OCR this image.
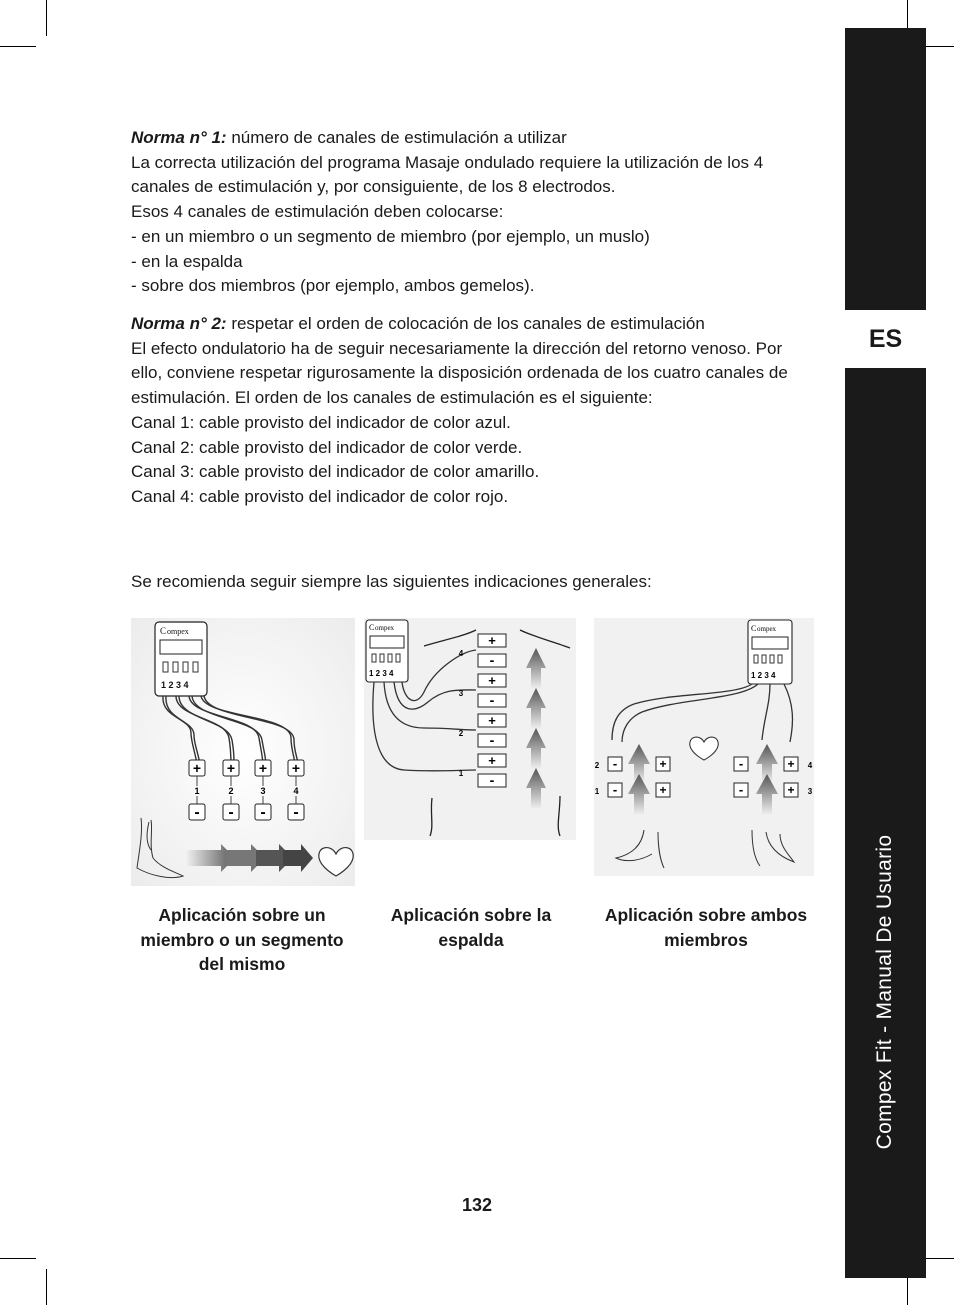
ES
Compex Fit - Manual De Usuario

Norma n° 1: número de canales de estimulación a utilizar

La correcta utilización del programa Masaje ondulado requiere la utilización de los 4

canales de estimulación y, por consiguiente, de los 8 electrodos.

Esos 4 canales de estimulación deben colocarse:

- en un miembro o un segmento de miembro (por ejemplo, un muslo)

- en la espalda

- sobre dos miembros (por ejemplo, ambos gemelos).

Norma n° 2: respetar el orden de colocación de los canales de estimulación

El efecto ondulatorio ha de seguir necesariamente la dirección del retorno venoso. Por

ello, conviene respetar rigurosamente la disposición ordenada de los cuatro canales de

estimulación. El orden de los canales de estimulación es el siguiente:

Canal 1: cable provisto del indicador de color azul.

Canal 2: cable provisto del indicador de color verde.

Canal 3: cable provisto del indicador de color amarillo.

Canal 4: cable provisto del indicador de color rojo.

Se recomienda seguir siempre las siguientes indicaciones generales:
C ompex
1 2 3 4
+ + + +
1	2	3	4
- - - -
C ompex
1 2 3 4
4
3
2
1
+
-
+
-
+
-
+
-
C ompex
1 2 3 4
2
1
-
-
+
+
-
-
+
+
4
3
Aplicación sobre un
miembro o un segmento
del mismo
Aplicación sobre la
espalda
Aplicación sobre ambos
miembros
132
